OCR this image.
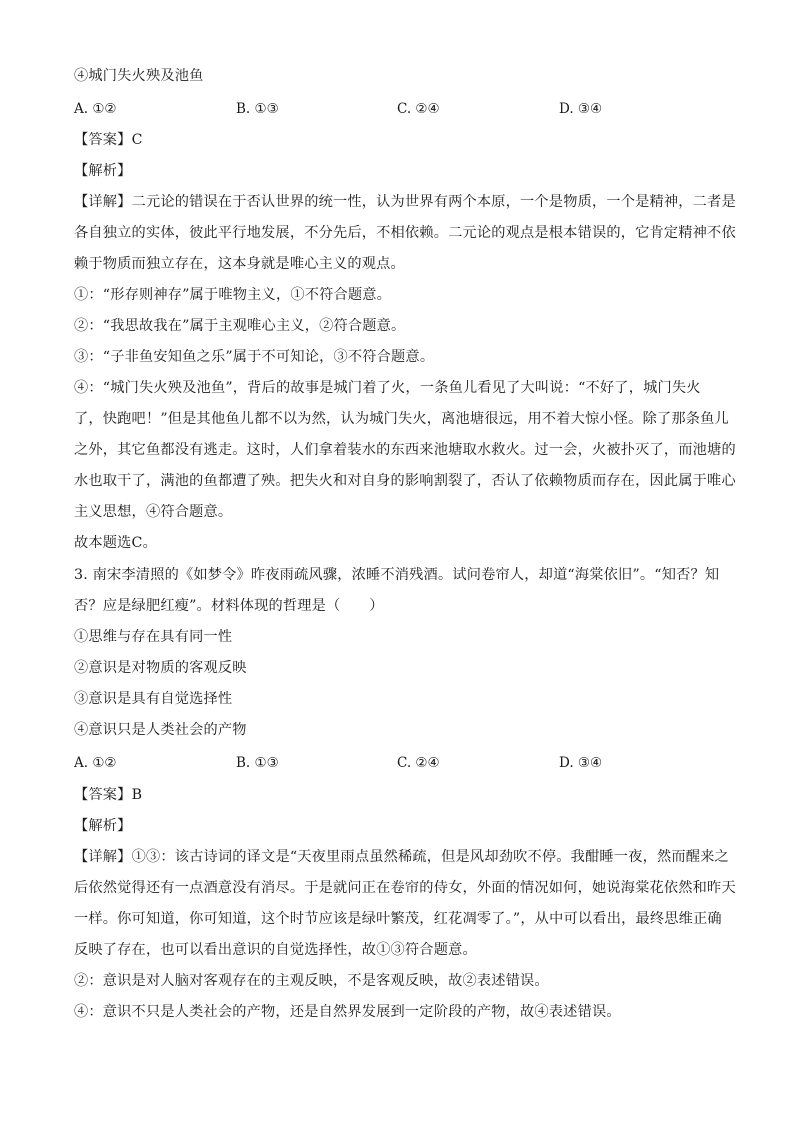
④城门失火殃及池鱼
A. ①②	B. ①③	C. ②④	D. ③④
【答案】C
【解析】
【详解】二元论的错误在于否认世界的统一性，认为世界有两个本原，一个是物质，一个是精神，二者是
各自独立的实体，彼此平行地发展，不分先后，不相依赖。二元论的观点是根本错误的，它肯定精神不依
赖于物质而独立存在，这本身就是唯心主义的观点。
①：“形存则神存”属于唯物主义，①不符合题意。
②：“我思故我在”属于主观唯心主义，②符合题意。
③：“子非鱼安知鱼之乐”属于不可知论，③不符合题意。
④：“城门失火殃及池鱼”，背后的故事是城门着了火，一条鱼儿看见了大叫说：“不好了，城门失火
了，快跑吧！”但是其他鱼儿都不以为然，认为城门失火，离池塘很远，用不着大惊小怪。除了那条鱼儿
之外，其它鱼都没有逃走。这时，人们拿着装水的东西来池塘取水救火。过一会，火被扑灭了，而池塘的
水也取干了，满池的鱼都遭了殃。把失火和对自身的影响割裂了，否认了依赖物质而存在，因此属于唯心
主义思想，④符合题意。
故本题选C。
3. 南宋李清照的《如梦令》昨夜雨疏风骤，浓睡不消残酒。试问卷帘人，却道“海棠依旧”。“知否？知
否？应是绿肥红瘦”。材料体现的哲理是（　　）
①思维与存在具有同一性
②意识是对物质的客观反映
③意识是具有自觉选择性
④意识只是人类社会的产物
A. ①②	B. ①③	C. ②④	D. ③④
【答案】B
【解析】
【详解】①③：该古诗词的译文是“天夜里雨点虽然稀疏，但是风却劲吹不停。我酣睡一夜，然而醒来之
后依然觉得还有一点酒意没有消尽。于是就问正在卷帘的侍女，外面的情况如何，她说海棠花依然和昨天
一样。你可知道，你可知道，这个时节应该是绿叶繁茂，红花凋零了。”，从中可以看出，最终思维正确
反映了存在，也可以看出意识的自觉选择性，故①③符合题意。
②：意识是对人脑对客观存在的主观反映，不是客观反映，故②表述错误。
④：意识不只是人类社会的产物，还是自然界发展到一定阶段的产物，故④表述错误。
